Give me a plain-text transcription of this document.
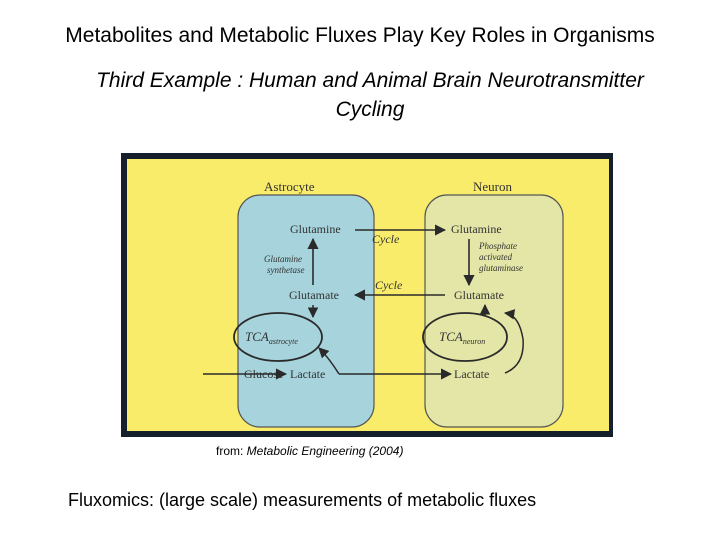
Metabolites and Metabolic Fluxes Play Key Roles in Organisms
Third Example : Human and Animal Brain Neurotransmitter
Cycling
Astrocyte	Neuron
Glutamine
Glutamate
Glucose Lactate
Glutamine
synthetase
$TCA_{astrocyte}$
Glutamine
Glutamate
Lactate
Phosphate
activated
glutaminase
$TCA_{neuron}$
Cycle
Cycle
from: Metabolic Engineering (2004)
Fluxomics: (large scale) measurements of metabolic fluxes
